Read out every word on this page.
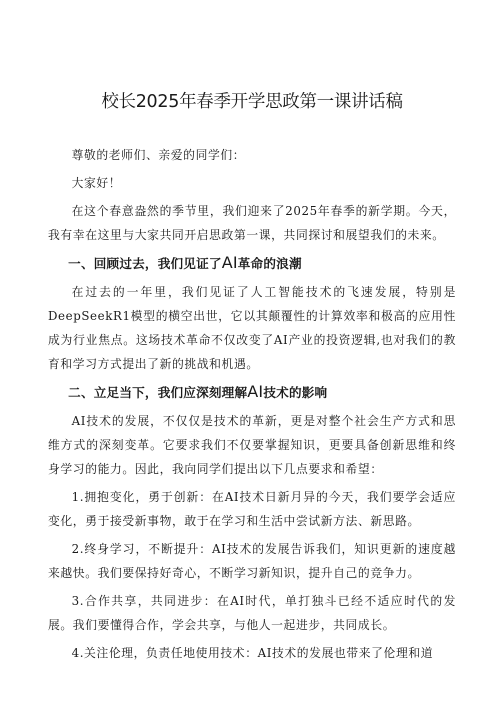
校长2025年春季开学思政第一课讲话稿

尊敬的老师们、亲爱的同学们：

大家好！

在这个春意盎然的季节里，我们迎来了2025年春季的新学期。今天，我有幸在这里与大家共同开启思政第一课，共同探讨和展望我们的未来。

一、回顾过去，我们见证了AI革命的浪潮

在过去的一年里，我们见证了人工智能技术的飞速发展，特别是DeepSeekR1模型的横空出世，它以其颠覆性的计算效率和极高的应用性成为行业焦点。这场技术革命不仅改变了AI产业的投资逻辑,也对我们的教育和学习方式提出了新的挑战和机遇。

二、立足当下，我们应深刻理解AI技术的影响

AI技术的发展，不仅仅是技术的革新，更是对整个社会生产方式和思维方式的深刻变革。它要求我们不仅要掌握知识，更要具备创新思维和终身学习的能力。因此，我向同学们提出以下几点要求和希望：

1.拥抱变化，勇于创新：在AI技术日新月异的今天，我们要学会适应变化，勇于接受新事物，敢于在学习和生活中尝试新方法、新思路。

2.终身学习，不断提升：AI技术的发展告诉我们，知识更新的速度越来越快。我们要保持好奇心，不断学习新知识，提升自己的竞争力。

3.合作共享，共同进步：在AI时代，单打独斗已经不适应时代的发展。我们要懂得合作，学会共享，与他人一起进步，共同成长。

4.关注伦理，负责任地使用技术：AI技术的发展也带来了伦理和道
